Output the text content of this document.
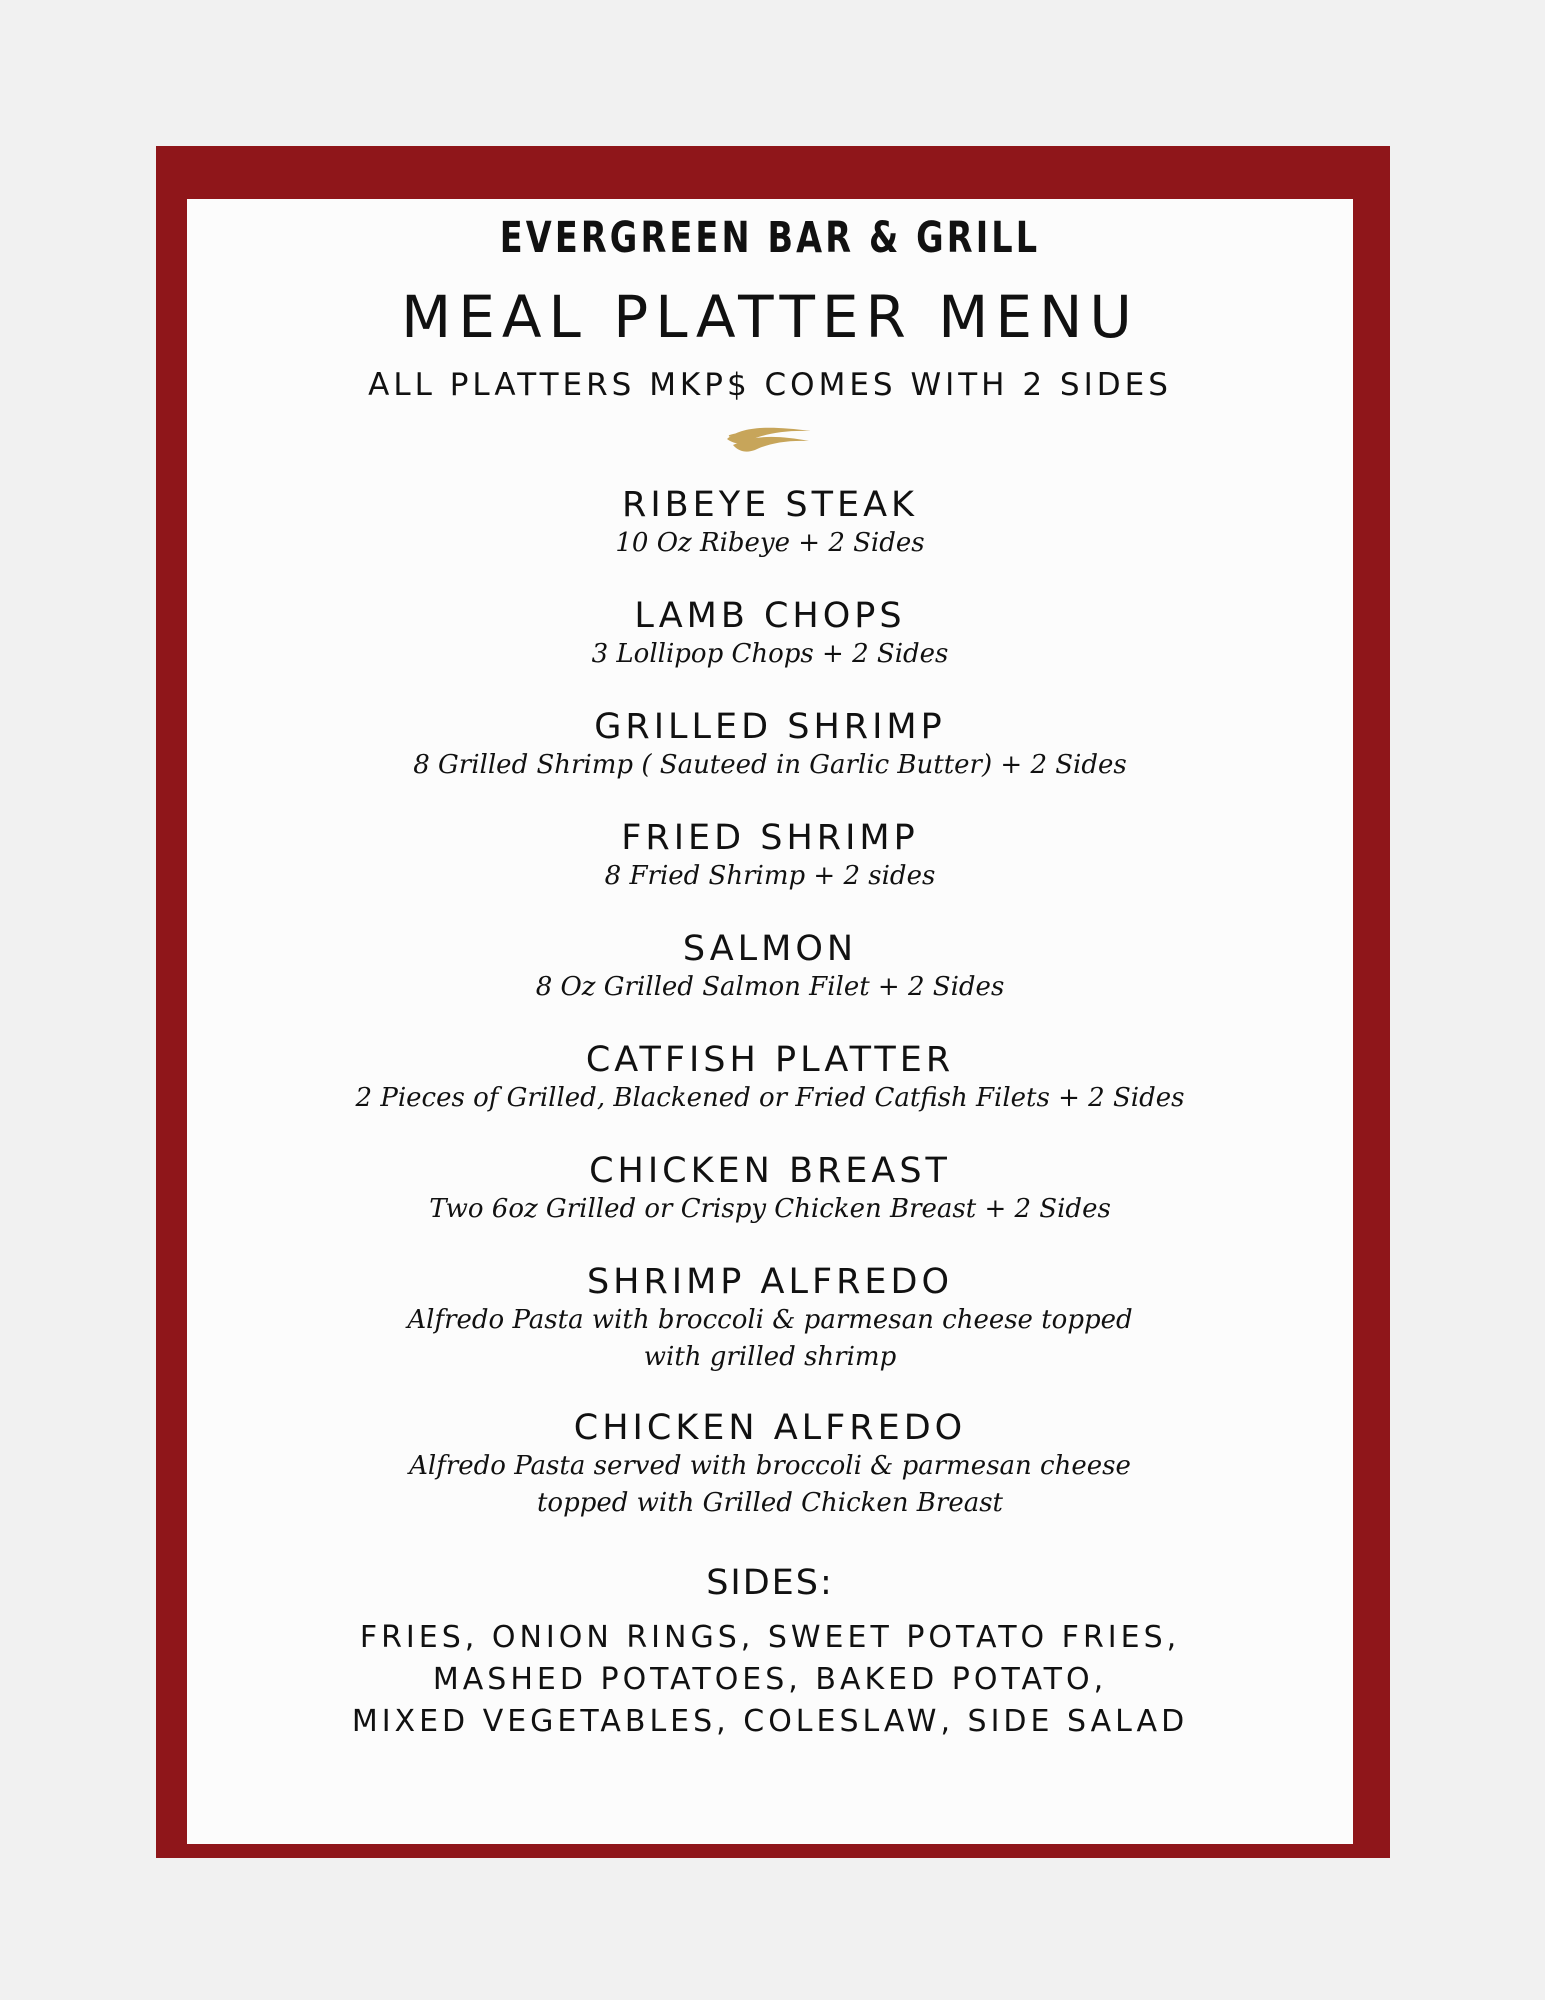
EVERGREEN BAR & GRILL
MEAL PLATTER MENU
ALL PLATTERS MKP$ COMES WITH 2 SIDES
RIBEYE STEAK
10 Oz Ribeye + 2 Sides
LAMB CHOPS
3 Lollipop Chops + 2 Sides
GRILLED SHRIMP
8 Grilled Shrimp ( Sauteed in Garlic Butter) + 2 Sides
FRIED SHRIMP
8 Fried Shrimp + 2 sides
SALMON
8 Oz Grilled Salmon Filet + 2 Sides
CATFISH PLATTER
2 Pieces of Grilled, Blackened or Fried Catfish Filets + 2 Sides
CHICKEN BREAST
Two 6oz Grilled or Crispy Chicken Breast + 2 Sides
SHRIMP ALFREDO
Alfredo Pasta with broccoli & parmesan cheese topped
with grilled shrimp
CHICKEN ALFREDO
Alfredo Pasta served with broccoli & parmesan cheese
topped with Grilled Chicken Breast
SIDES:
FRIES, ONION RINGS, SWEET POTATO FRIES,
MASHED POTATOES, BAKED POTATO,
MIXED VEGETABLES, COLESLAW, SIDE SALAD
